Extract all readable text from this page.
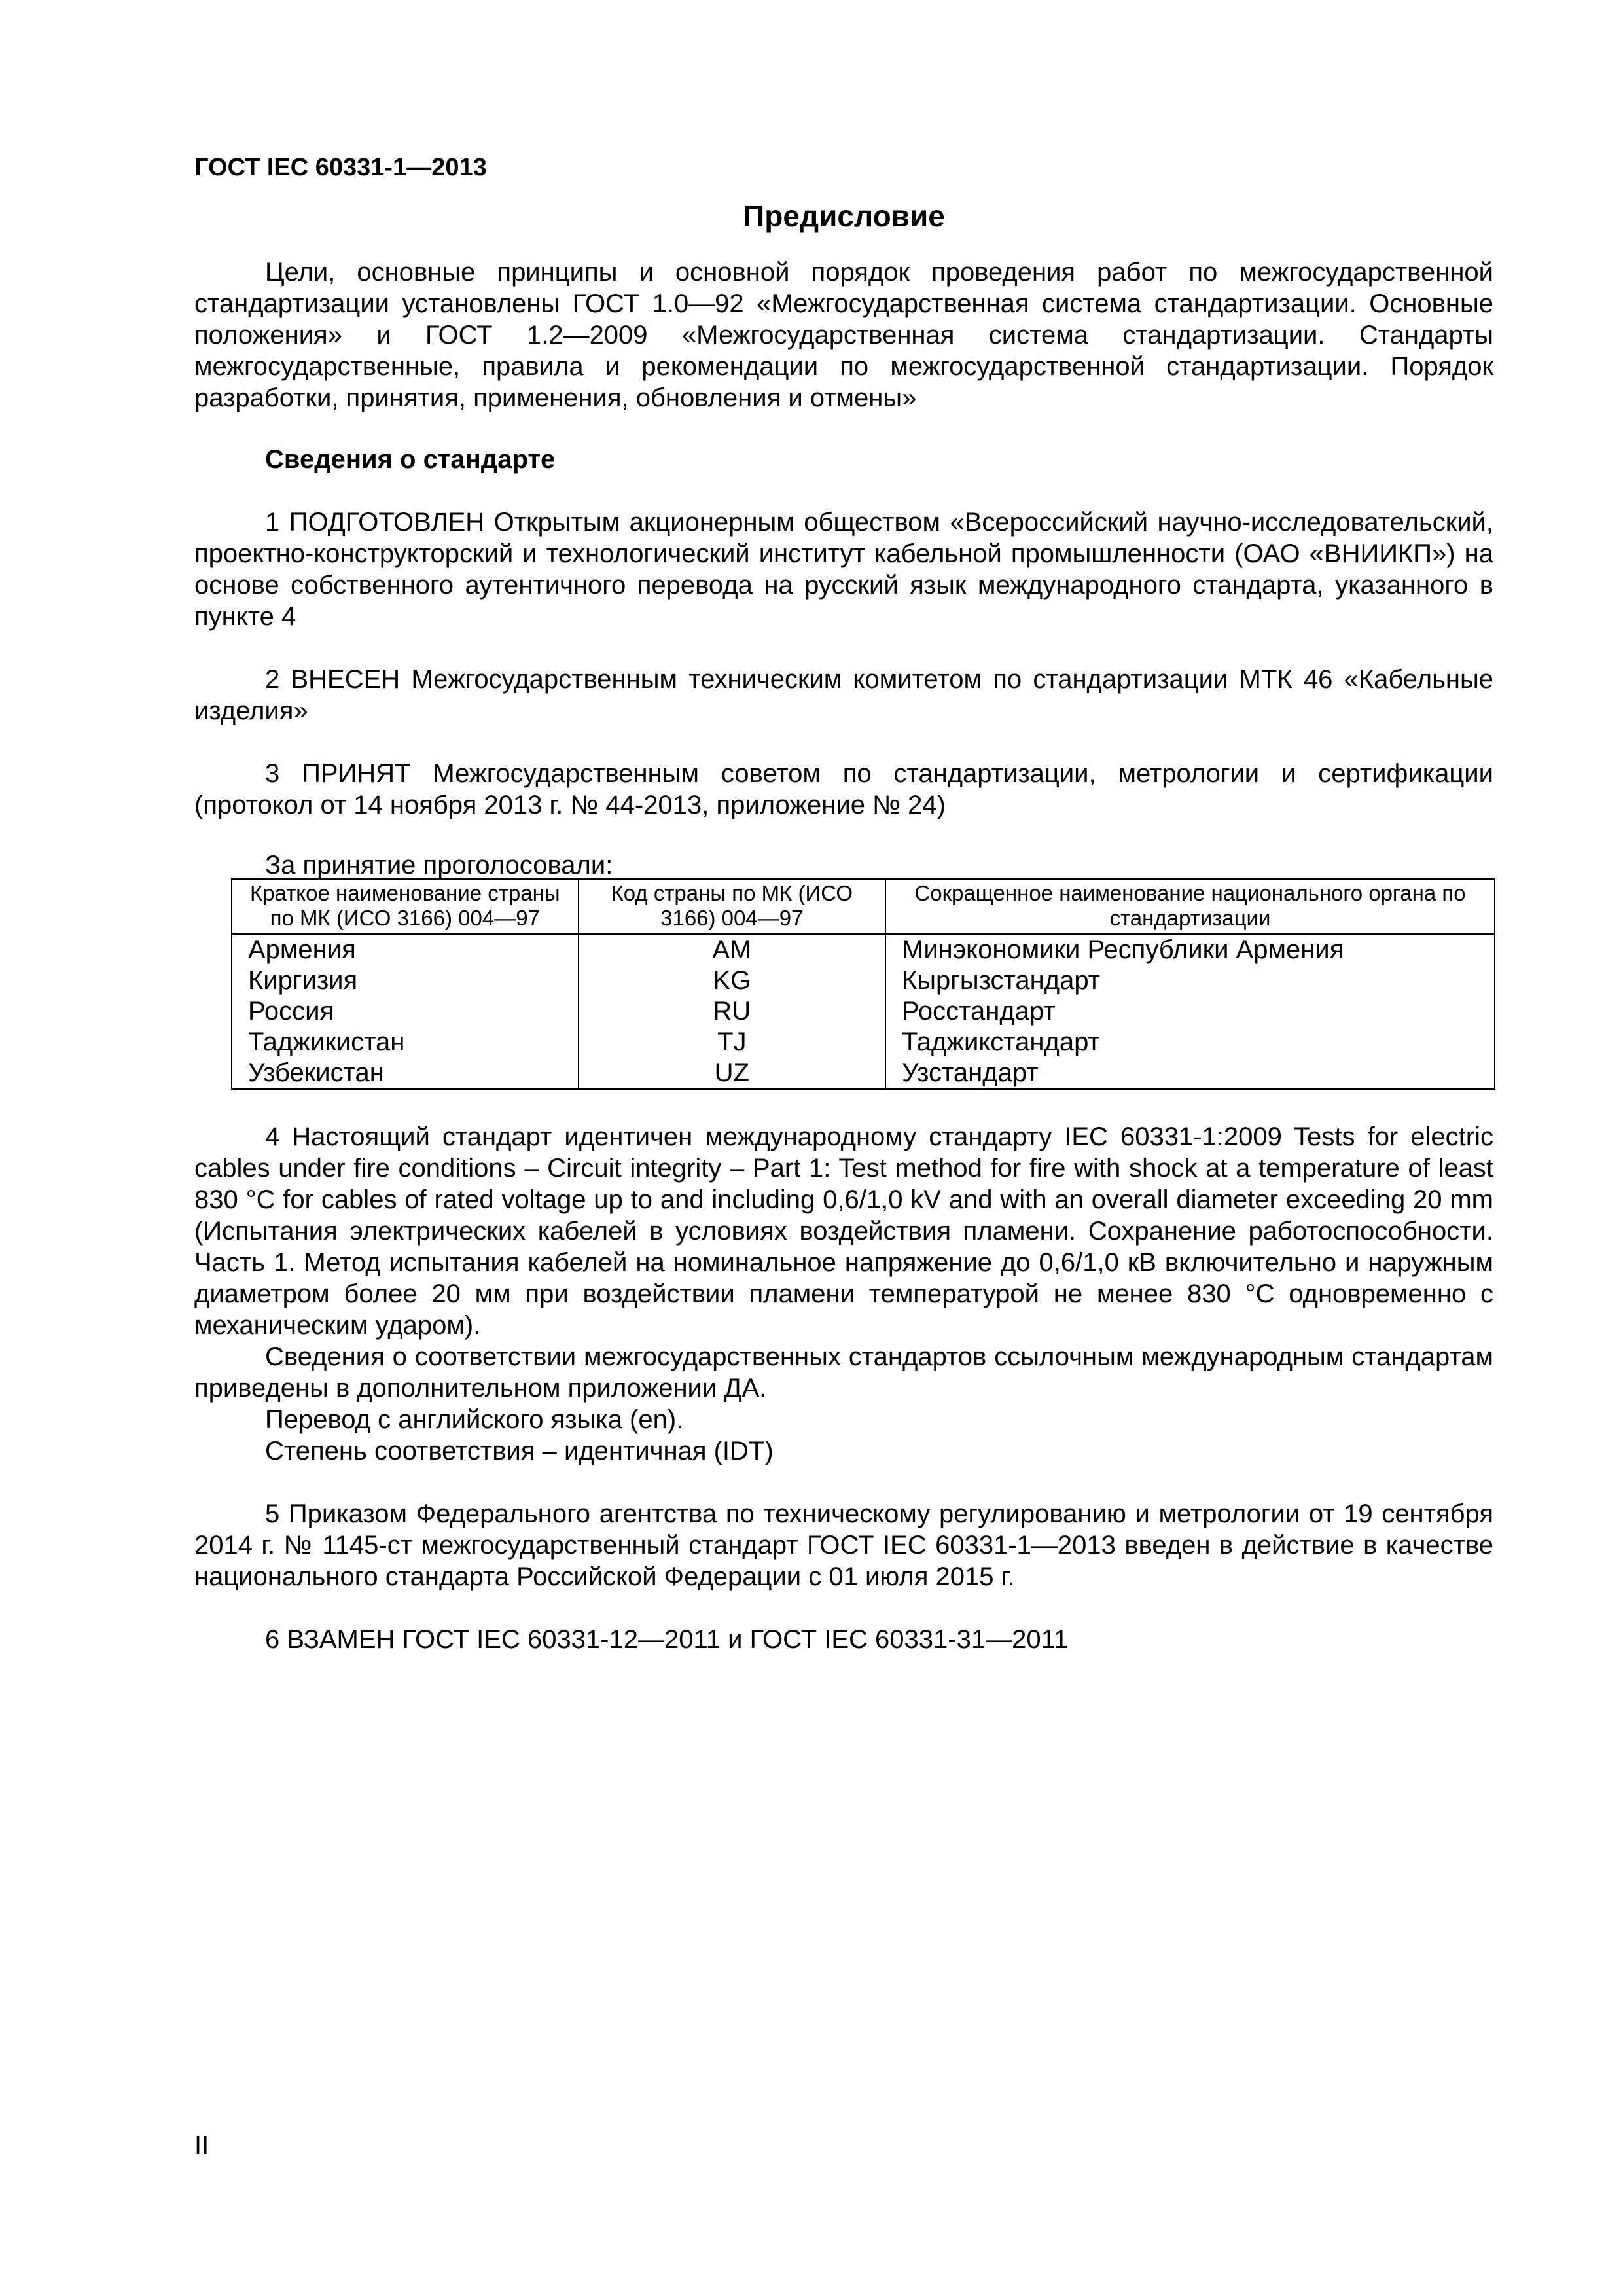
ГОСТ IEC 60331-1—2013
Предисловие

Цели, основные принципы и основной порядок проведения работ по межгосударственной стандартизации установлены ГОСТ 1.0—92 «Межгосударственная система стандартизации. Основные положения» и ГОСТ 1.2—2009 «Межгосударственная система стандартизации. Стандарты межгосударственные, правила и рекомендации по межгосударственной стандартизации. Порядок разработки, принятия, применения, обновления и отмены»

Сведения о стандарте

1 ПОДГОТОВЛЕН Открытым акционерным обществом «Всероссийский научно-исследовательский, проектно-конструкторский и технологический институт кабельной промышленности (ОАО «ВНИИКП») на основе собственного аутентичного перевода на русский язык международного стандарта, указанного в пункте 4

2 ВНЕСЕН Межгосударственным техническим комитетом по стандартизации МТК 46 «Кабельные изделия»

3 ПРИНЯТ Межгосударственным советом по стандартизации, метрологии и сертификации (протокол от 14 ноября 2013 г. № 44-2013, приложение № 24)

За принятие проголосовали:
Краткое наименование страны по МК (ИСО 3166) 004—97	Код страны по МК (ИСО 3166) 004—97	Сокращенное наименование национального органа по стандартизации
Армения	AM	Минэкономики Республики Армения
Киргизия	KG	Кыргызстандарт
Россия	RU	Росстандарт
Таджикистан	TJ	Таджикстандарт
Узбекистан	UZ	Узстандарт

4 Настоящий стандарт идентичен международному стандарту IEC 60331-1:2009 Tests for electric cables under fire conditions – Circuit integrity – Part 1: Test method for fire with shock at a temperature of least 830 °C for cables of rated voltage up to and including 0,6/1,0 kV and with an overall diameter exceeding 20 mm (Испытания электрических кабелей в условиях воздействия пламени. Сохранение работоспособности. Часть 1. Метод испытания кабелей на номинальное напряжение до 0,6/1,0 кВ включительно и наружным диаметром более 20 мм при воздействии пламени температурой не менее 830 °С одновременно с механическим ударом).

Сведения о соответствии межгосударственных стандартов ссылочным международным стандартам приведены в дополнительном приложении ДА.

Перевод с английского языка (en).

Степень соответствия – идентичная (IDT)

5 Приказом Федерального агентства по техническому регулированию и метрологии от 19 сентября 2014 г. № 1145-ст межгосударственный стандарт ГОСТ IEC 60331-1—2013 введен в действие в качестве национального стандарта Российской Федерации с 01 июля 2015 г.

6 ВЗАМЕН ГОСТ IEC 60331-12—2011 и ГОСТ IEC 60331-31—2011

II
